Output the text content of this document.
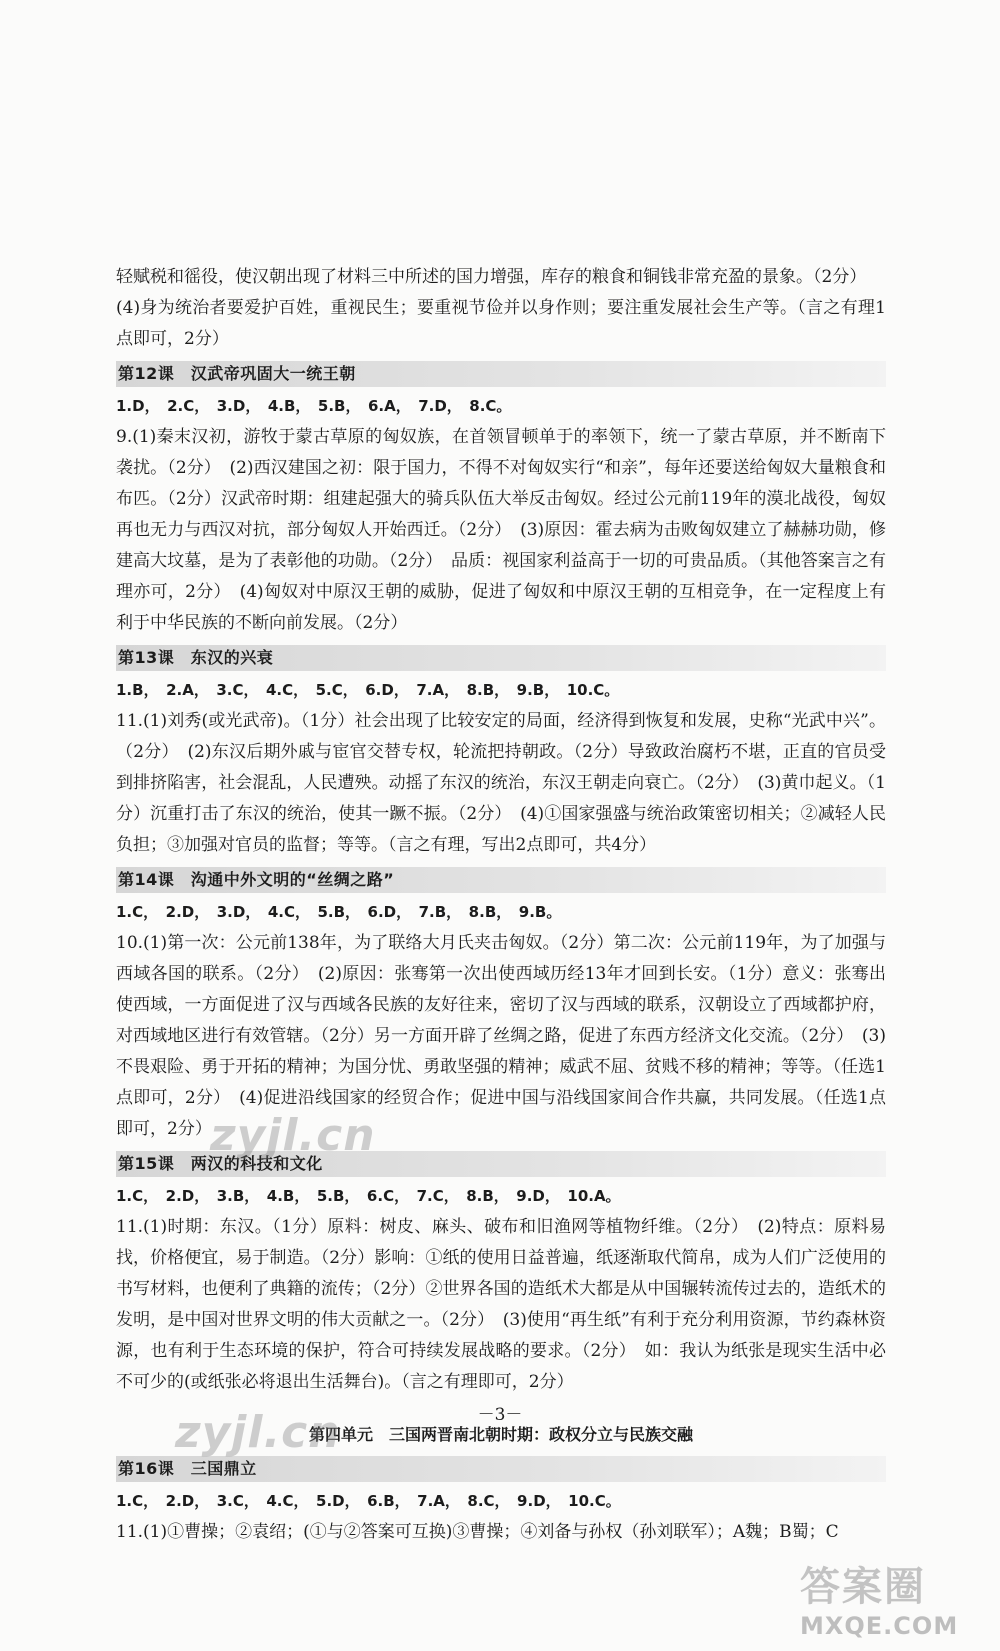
轻赋税和徭役，使汉朝出现了材料三中所述的国力增强，库存的粮食和铜钱非常充盈的景象。（2分）

(4)身为统治者要爱护百姓，重视民生；要重视节俭并以身作则；要注重发展社会生产等。（言之有理1点即可，2分）

第12课　汉武帝巩固大一统王朝

1.D，　2.C，　3.D，　4.B，　5.B，　6.A，　7.D，　8.C。

9.(1)秦末汉初，游牧于蒙古草原的匈奴族，在首领冒顿单于的率领下，统一了蒙古草原，并不断南下袭扰。（2分）　(2)西汉建国之初：限于国力，不得不对匈奴实行“和亲”，每年还要送给匈奴大量粮食和布匹。（2分）汉武帝时期：组建起强大的骑兵队伍大举反击匈奴。经过公元前119年的漠北战役，匈奴再也无力与西汉对抗，部分匈奴人开始西迁。（2分）　(3)原因：霍去病为击败匈奴建立了赫赫功勋，修建高大坟墓，是为了表彰他的功勋。（2分）　品质：视国家利益高于一切的可贵品质。（其他答案言之有理亦可，2分）　(4)匈奴对中原汉王朝的威胁，促进了匈奴和中原汉王朝的互相竞争，在一定程度上有利于中华民族的不断向前发展。（2分）

第13课　东汉的兴衰

1.B，　2.A，　3.C，　4.C，　5.C，　6.D，　7.A，　8.B，　9.B，　10.C。

11.(1)刘秀(或光武帝)。（1分）社会出现了比较安定的局面，经济得到恢复和发展，史称“光武中兴”。（2分）　(2)东汉后期外戚与宦官交替专权，轮流把持朝政。（2分）导致政治腐朽不堪，正直的官员受到排挤陷害，社会混乱，人民遭殃。动摇了东汉的统治，东汉王朝走向衰亡。（2分）　(3)黄巾起义。（1分）沉重打击了东汉的统治，使其一蹶不振。（2分）　(4)①国家强盛与统治政策密切相关；②减轻人民负担；③加强对官员的监督；等等。（言之有理，写出2点即可，共4分）

第14课　沟通中外文明的“丝绸之路”

1.C，　2.D，　3.D，　4.C，　5.B，　6.D，　7.B，　8.B，　9.B。

10.(1)第一次：公元前138年，为了联络大月氏夹击匈奴。（2分）第二次：公元前119年，为了加强与西域各国的联系。（2分）　(2)原因：张骞第一次出使西域历经13年才回到长安。（1分）意义：张骞出使西域，一方面促进了汉与西域各民族的友好往来，密切了汉与西域的联系，汉朝设立了西域都护府，对西域地区进行有效管辖。（2分）另一方面开辟了丝绸之路，促进了东西方经济文化交流。（2分）　(3)不畏艰险、勇于开拓的精神；为国分忧、勇敢坚强的精神；威武不屈、贫贱不移的精神；等等。（任选1点即可，2分）　(4)促进沿线国家的经贸合作；促进中国与沿线国家间合作共赢，共同发展。（任选1点即可，2分）

第15课　两汉的科技和文化

1.C，　2.D，　3.B，　4.B，　5.B，　6.C，　7.C，　8.B，　9.D，　10.A。

11.(1)时期：东汉。（1分）原料：树皮、麻头、破布和旧渔网等植物纤维。（2分）　(2)特点：原料易找，价格便宜，易于制造。（2分）影响：①纸的使用日益普遍，纸逐渐取代简帛，成为人们广泛使用的书写材料，也便利了典籍的流传；（2分）②世界各国的造纸术大都是从中国辗转流传过去的，造纸术的发明，是中国对世界文明的伟大贡献之一。（2分）　(3)使用“再生纸”有利于充分利用资源，节约森林资源，也有利于生态环境的保护，符合可持续发展战略的要求。（2分）　如：我认为纸张是现实生活中必不可少的(或纸张必将退出生活舞台)。（言之有理即可，2分）

第四单元　三国两晋南北朝时期：政权分立与民族交融
第16课　三国鼎立

1.C，　2.D，　3.C，　4.C，　5.D，　6.B，　7.A，　8.C，　9.D，　10.C。

11.(1)①曹操；②袁绍；(①与②答案可互换)③曹操；④刘备与孙权（孙刘联军）；A魏；B蜀；C

－3－
zyjl.cn
zyjl.cn
答案圈
MXQE.COM
